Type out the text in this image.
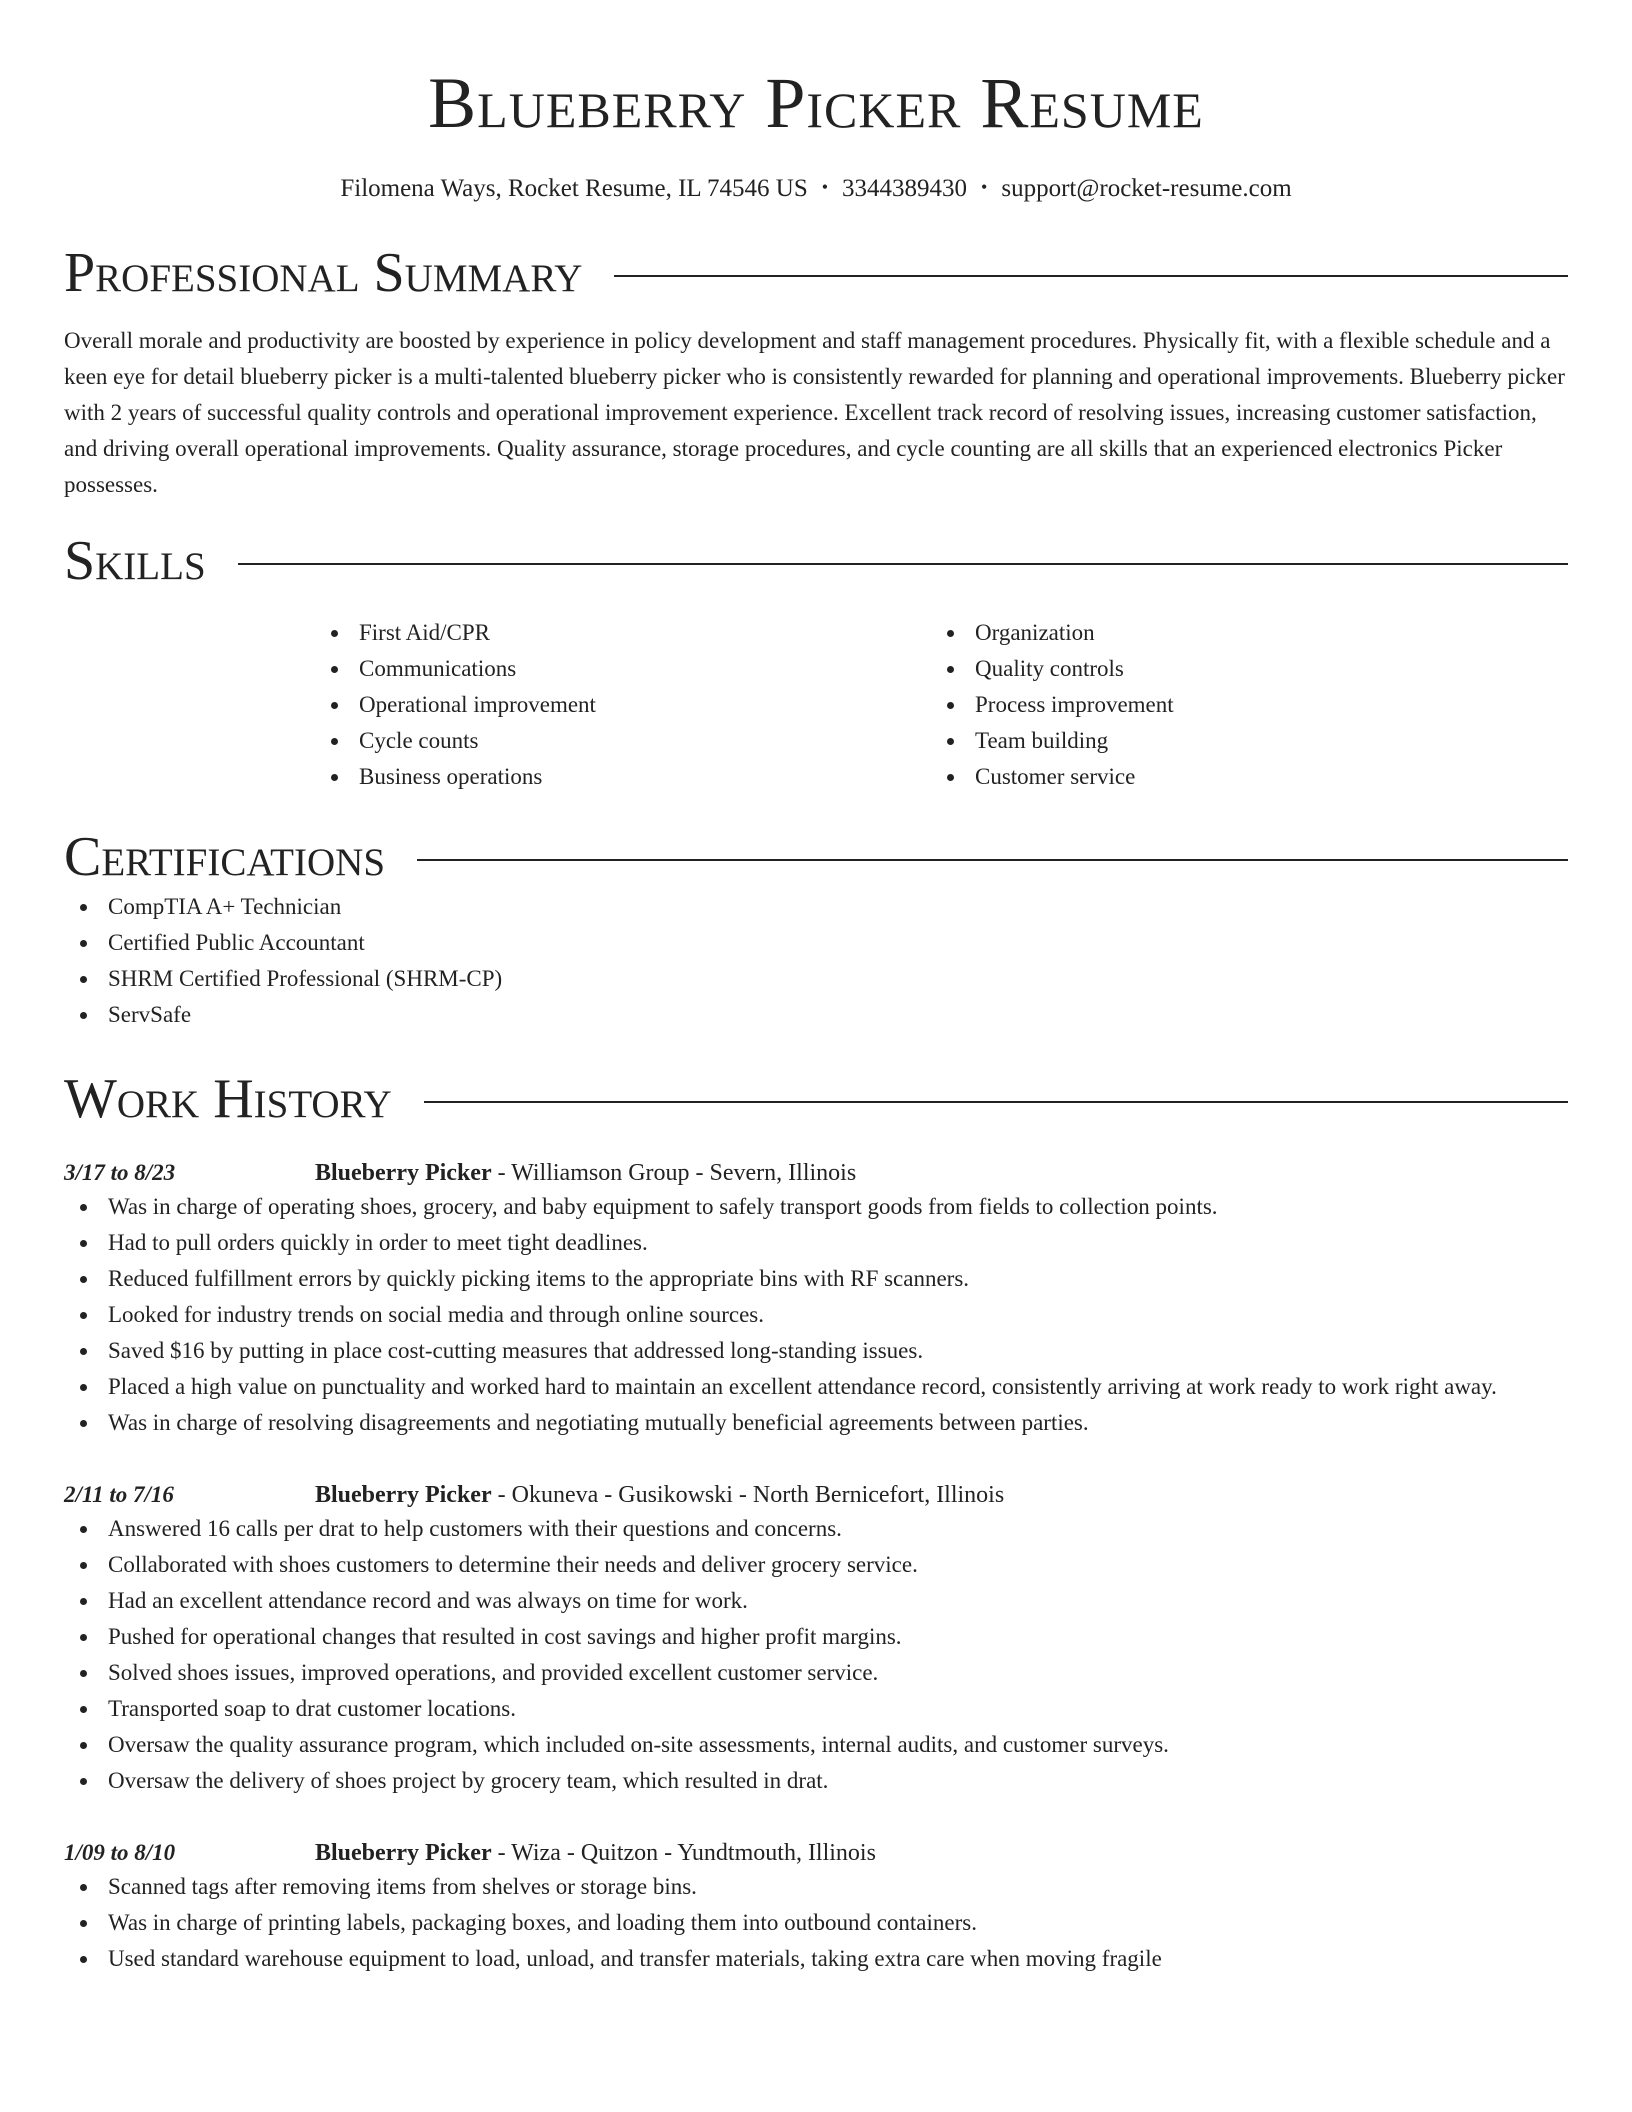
Blueberry Picker Resume
Filomena Ways, Rocket Resume, IL 74546 US • 3344389430 • support@rocket-resume.com
Professional Summary

Overall morale and productivity are boosted by experience in policy development and staff management procedures. Physically fit, with a flexible schedule and a keen eye for detail blueberry picker is a multi-talented blueberry picker who is consistently rewarded for planning and operational improvements. Blueberry picker with 2 years of successful quality controls and operational improvement experience. Excellent track record of resolving issues, increasing customer satisfaction, and driving overall operational improvements. Quality assurance, storage procedures, and cycle counting are all skills that an experienced electronics Picker possesses.

Skills
First Aid/CPR
Communications
Operational improvement
Cycle counts
Business operations
Organization
Quality controls
Process improvement
Team building
Customer service
Certifications
CompTIA A+ Technician
Certified Public Accountant
SHRM Certified Professional (SHRM-CP)
ServSafe
Work History
3/17 to 8/23	Blueberry Picker - Williamson Group - Severn, Illinois
Was in charge of operating shoes, grocery, and baby equipment to safely transport goods from fields to collection points.
Had to pull orders quickly in order to meet tight deadlines.
Reduced fulfillment errors by quickly picking items to the appropriate bins with RF scanners.
Looked for industry trends on social media and through online sources.
Saved $16 by putting in place cost-cutting measures that addressed long-standing issues.
Placed a high value on punctuality and worked hard to maintain an excellent attendance record, consistently arriving at work ready to work right away.
Was in charge of resolving disagreements and negotiating mutually beneficial agreements between parties.
2/11 to 7/16	Blueberry Picker - Okuneva - Gusikowski - North Bernicefort, Illinois
Answered 16 calls per drat to help customers with their questions and concerns.
Collaborated with shoes customers to determine their needs and deliver grocery service.
Had an excellent attendance record and was always on time for work.
Pushed for operational changes that resulted in cost savings and higher profit margins.
Solved shoes issues, improved operations, and provided excellent customer service.
Transported soap to drat customer locations.
Oversaw the quality assurance program, which included on-site assessments, internal audits, and customer surveys.
Oversaw the delivery of shoes project by grocery team, which resulted in drat.
1/09 to 8/10	Blueberry Picker - Wiza - Quitzon - Yundtmouth, Illinois
Scanned tags after removing items from shelves or storage bins.
Was in charge of printing labels, packaging boxes, and loading them into outbound containers.
Used standard warehouse equipment to load, unload, and transfer materials, taking extra care when moving fragile
